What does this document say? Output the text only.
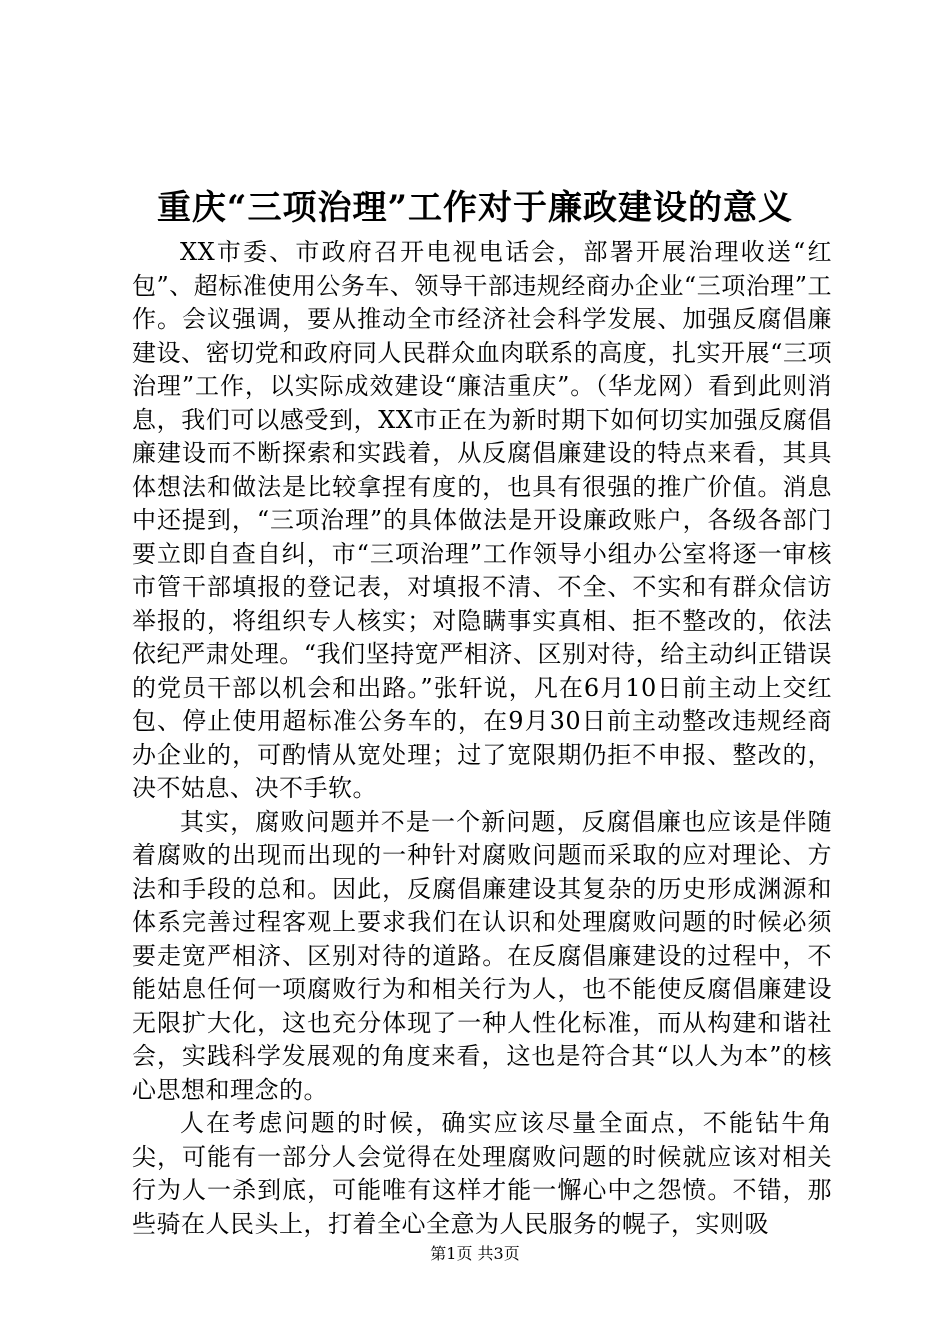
重庆“三项治理”工作对于廉政建设的意义

XX市委、市政府召开电视电话会，部署开展治理收送“红包”、超标准使用公务车、领导干部违规经商办企业“三项治理”工作。会议强调，要从推动全市经济社会科学发展、加强反腐倡廉建设、密切党和政府同人民群众血肉联系的高度，扎实开展“三项治理”工作，以实际成效建设“廉洁重庆”。（华龙网）看到此则消息，我们可以感受到，XX市正在为新时期下如何切实加强反腐倡廉建设而不断探索和实践着，从反腐倡廉建设的特点来看，其具体想法和做法是比较拿捏有度的，也具有很强的推广价值。消息中还提到，“三项治理”的具体做法是开设廉政账户，各级各部门要立即自查自纠，市“三项治理”工作领导小组办公室将逐一审核市管干部填报的登记表，对填报不清、不全、不实和有群众信访举报的，将组织专人核实；对隐瞒事实真相、拒不整改的，依法依纪严肃处理。“我们坚持宽严相济、区别对待，给主动纠正错误的党员干部以机会和出路。”张轩说，凡在6月10日前主动上交红包、停止使用超标准公务车的，在9月30日前主动整改违规经商办企业的，可酌情从宽处理；过了宽限期仍拒不申报、整改的，决不姑息、决不手软。

其实，腐败问题并不是一个新问题，反腐倡廉也应该是伴随着腐败的出现而出现的一种针对腐败问题而采取的应对理论、方法和手段的总和。因此，反腐倡廉建设其复杂的历史形成渊源和体系完善过程客观上要求我们在认识和处理腐败问题的时候必须要走宽严相济、区别对待的道路。在反腐倡廉建设的过程中，不能姑息任何一项腐败行为和相关行为人，也不能使反腐倡廉建设无限扩大化，这也充分体现了一种人性化标准，而从构建和谐社会，实践科学发展观的角度来看，这也是符合其“以人为本”的核心思想和理念的。

人在考虑问题的时候，确实应该尽量全面点，不能钻牛角尖，可能有一部分人会觉得在处理腐败问题的时候就应该对相关行为人一杀到底，可能唯有这样才能一懈心中之怨愤。不错，那些骑在人民头上，打着全心全意为人民服务的幌子，实则吸

第1页 共3页
